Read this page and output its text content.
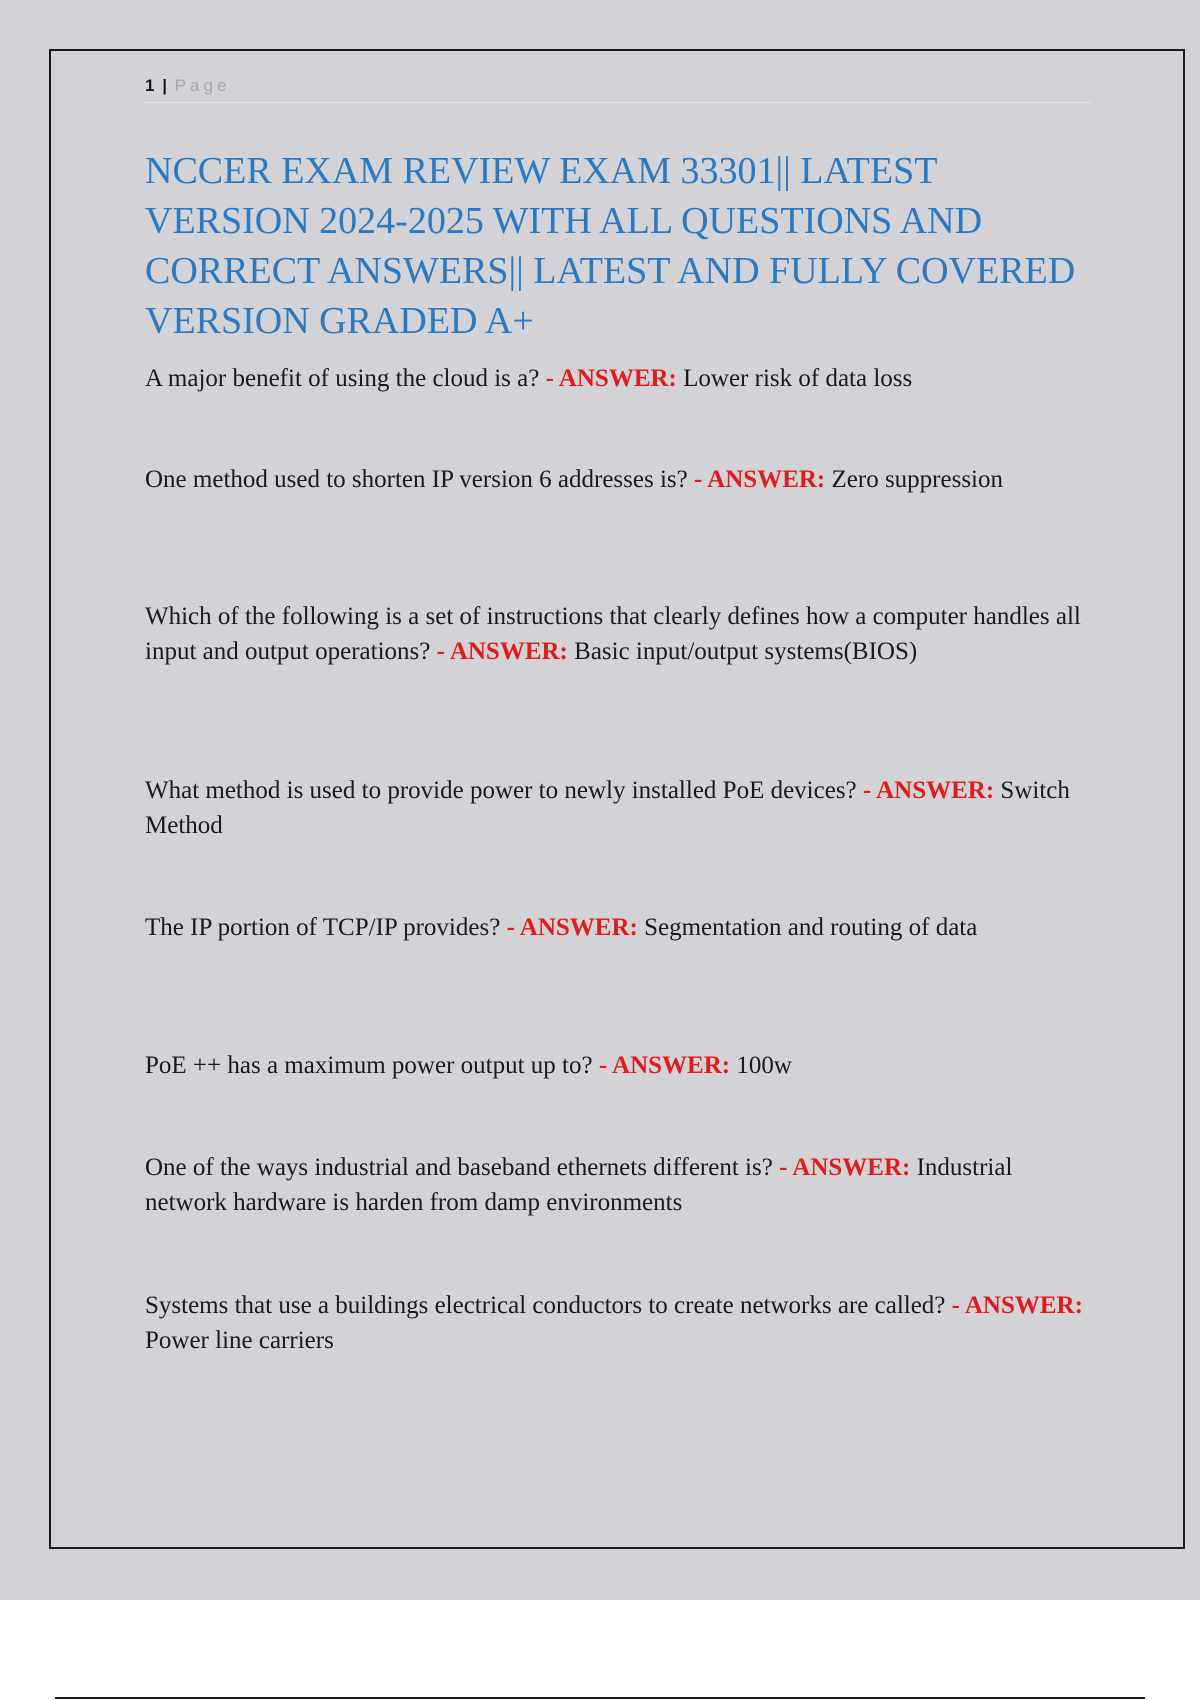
1 | Page
NCCER EXAM REVIEW EXAM 33301|| LATEST VERSION 2024-2025 WITH ALL QUESTIONS AND CORRECT ANSWERS|| LATEST AND FULLY COVERED VERSION GRADED A+

A major benefit of using the cloud is a? - ANSWER: Lower risk of data loss

One method used to shorten IP version 6 addresses is? - ANSWER: Zero suppression

Which of the following is a set of instructions that clearly defines how a computer handles all input and output operations? - ANSWER: Basic input/output systems(BIOS)

What method is used to provide power to newly installed PoE devices? - ANSWER: Switch Method

The IP portion of TCP/IP provides? - ANSWER: Segmentation and routing of data

PoE ++ has a maximum power output up to? - ANSWER: 100w

One of the ways industrial and baseband ethernets different is? - ANSWER: Industrial network hardware is harden from damp environments

Systems that use a buildings electrical conductors to create networks are called? - ANSWER: Power line carriers
